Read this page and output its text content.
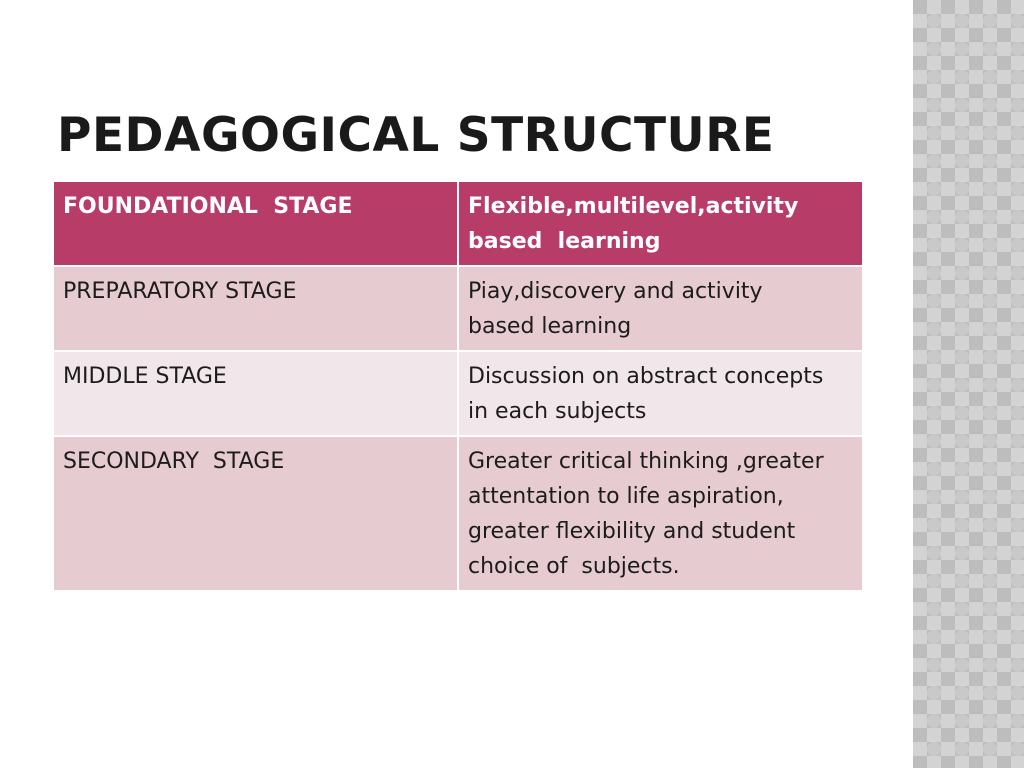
PEDAGOGICAL STRUCTURE
FOUNDATIONAL  STAGE	Flexible,multilevel,activity
based  learning
PREPARATORY STAGE	Piay,discovery and activity
based learning
MIDDLE STAGE	Discussion on abstract concepts
in each subjects
SECONDARY  STAGE	Greater critical thinking ,greater
attentation to life aspiration,
greater flexibility and student
choice of  subjects.
